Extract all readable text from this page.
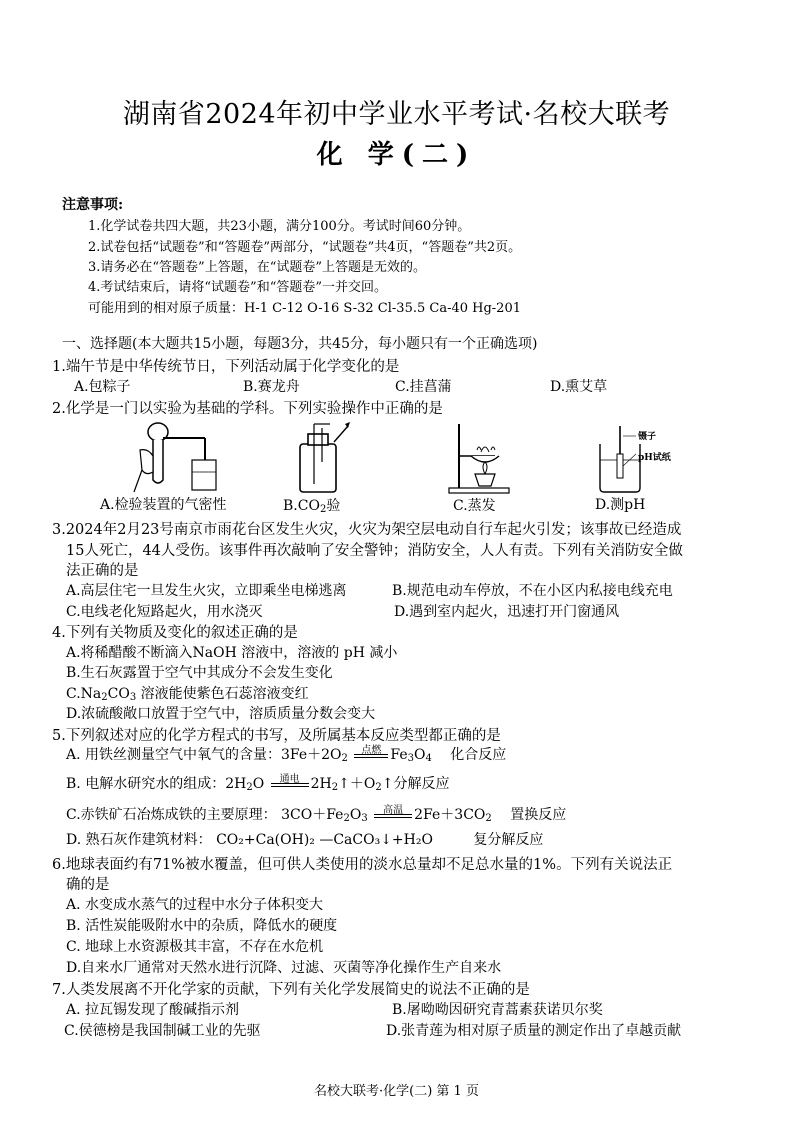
湖南省2024年初中学业水平考试·名校大联考
化 学(二)
注意事项:
1.化学试卷共四大题，共23小题，满分100分。考试时间60分钟。
2.试卷包括“试题卷”和“答题卷”两部分，“试题卷”共4页，“答题卷”共2页。
3.请务必在“答题卷”上答题，在“试题卷”上答题是无效的。
4.考试结束后，请将“试题卷”和“答题卷”一并交回。
可能用到的相对原子质量：H-1 C-12 O-16 S-32 Cl-35.5 Ca-40 Hg-201
一、选择题(本大题共15小题，每题3分，共45分，每小题只有一个正确选项)
1.端午节是中华传统节日，下列活动属于化学变化的是
A.包粽子	B.赛龙舟	C.挂菖蒲	D.熏艾草
2.化学是一门以实验为基础的学科。下列实验操作中正确的是
镊子
pH试纸
A.检验装置的气密性	$B.CO_2$验	C.蒸发	D.测pH
3.2024年2月23号南京市雨花台区发生火灾，火灾为架空层电动自行车起火引发；该事故已经造成
15人死亡，44人受伤。该事件再次敲响了安全警钟；消防安全，人人有责。下列有关消防安全做
法正确的是
A.高层住宅一旦发生火灾，立即乘坐电梯逃离	B.规范电动车停放，不在小区内私接电线充电
C.电线老化短路起火，用水浇灭	D.遇到室内起火，迅速打开门窗通风
4.下列有关物质及变化的叙述正确的是
A.将稀醋酸不断滴入NaOH 溶液中，溶液的 pH 减小
B.生石灰露置于空气中其成分不会发生变化
$C.Na_2CO_3$ 溶液能使紫色石蕊溶液变红
D.浓硫酸敞口放置于空气中，溶质质量分数会变大
5.下列叙述对应的化学方程式的书写，及所属基本反应类型都正确的是
A. 用铁丝测量空气中氧气的含量：$3Fe+2O_2$
点燃 $Fe_3O_4$ 化合反应
B. 电解水研究水的组成：$2H_2O$	通电 $2H_2↑+O_2↑$分解反应
C.赤铁矿石冶炼成铁的主要原理： $3CO+Fe_2O_3$
高温 $2Fe+3CO_2$ 置换反应
D. 熟石灰作建筑材料： CO₂+Ca(OH)₂ —CaCO₃↓+H₂O	复分解反应
6.地球表面约有71%被水覆盖，但可供人类使用的淡水总量却不足总水量的1%。下列有关说法正
确的是
A. 水变成水蒸气的过程中水分子体积变大
B. 活性炭能吸附水中的杂质，降低水的硬度
C. 地球上水资源极其丰富，不存在水危机
D.自来水厂通常对天然水进行沉降、过滤、灭菌等净化操作生产自来水
7.人类发展离不开化学家的贡献，下列有关化学发展简史的说法不正确的是
A. 拉瓦锡发现了酸碱指示剂	B.屠呦呦因研究青蒿素获诺贝尔奖
C.侯德榜是我国制碱工业的先驱	D.张青莲为相对原子质量的测定作出了卓越贡献
名校大联考·化学(二) 第 1 页
